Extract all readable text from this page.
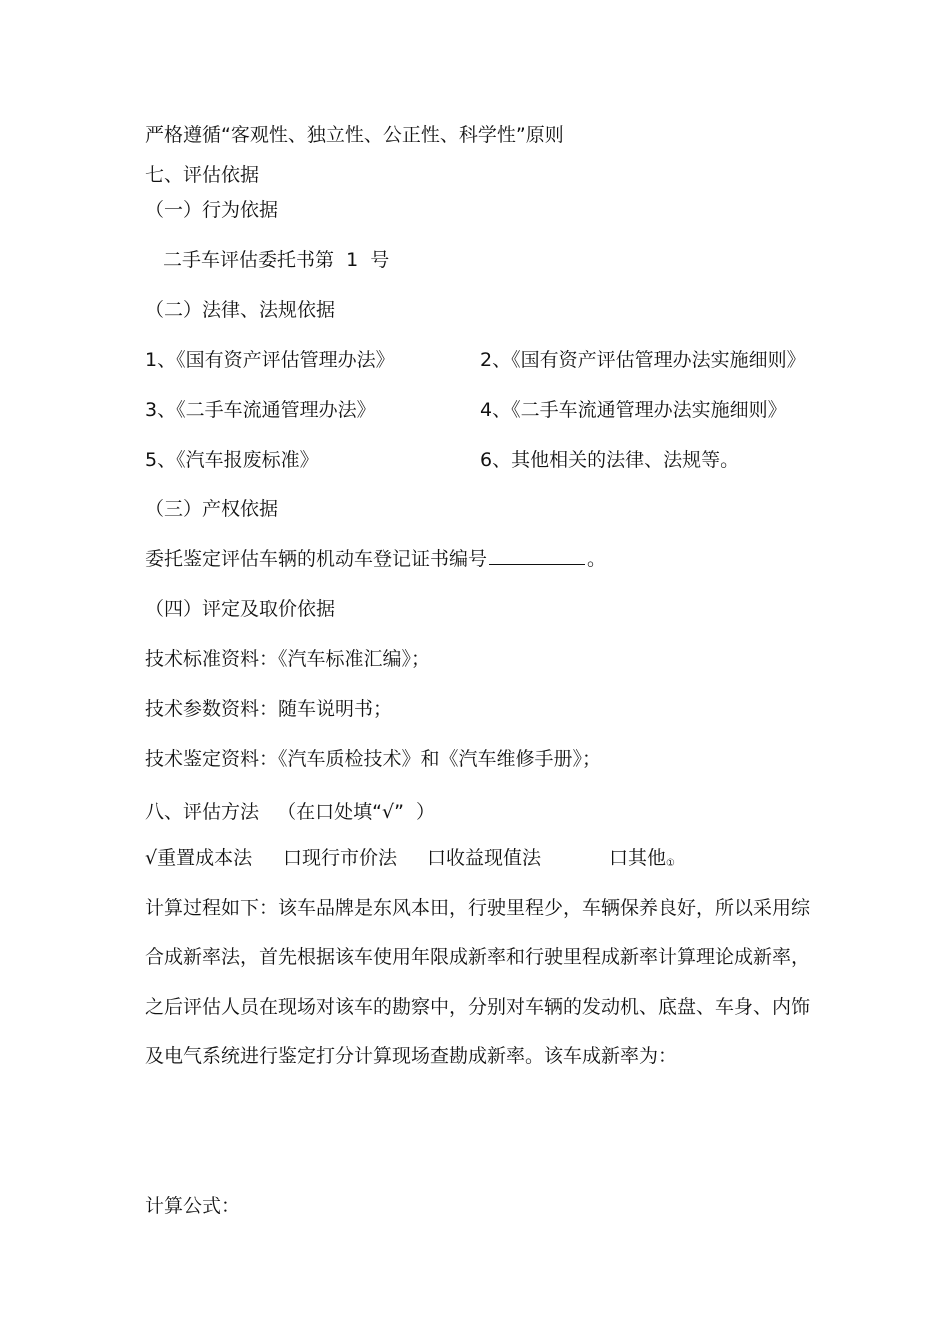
严格遵循“客观性、独立性、公正性、科学性”原则
七、评估依据
（一）行为依据
二手车评估委托书第  1  号
（二）法律、法规依据
1、《国有资产评估管理办法》	2、《国有资产评估管理办法实施细则》
3、《二手车流通管理办法》	4、《二手车流通管理办法实施细则》
5、《汽车报废标准》	6、其他相关的法律、法规等。
（三）产权依据
委托鉴定评估车辆的机动车登记证书编号	。
（四）评定及取价依据
技术标准资料：《汽车标准汇编》；
技术参数资料：随车说明书；
技术鉴定资料：《汽车质检技术》和《汽车维修手册》；
八、评估方法   （在口处填“√”  ）
√重置成本法 口现行市价法 口收益现值法	口其他$_①$
计算过程如下：该车品牌是东风本田，行驶里程少，车辆保养良好，所以采用综
合成新率法，首先根据该车使用年限成新率和行驶里程成新率计算理论成新率，
之后评估人员在现场对该车的勘察中，分别对车辆的发动机、底盘、车身、内饰
及电气系统进行鉴定打分计算现场查勘成新率。该车成新率为：
计算公式：
